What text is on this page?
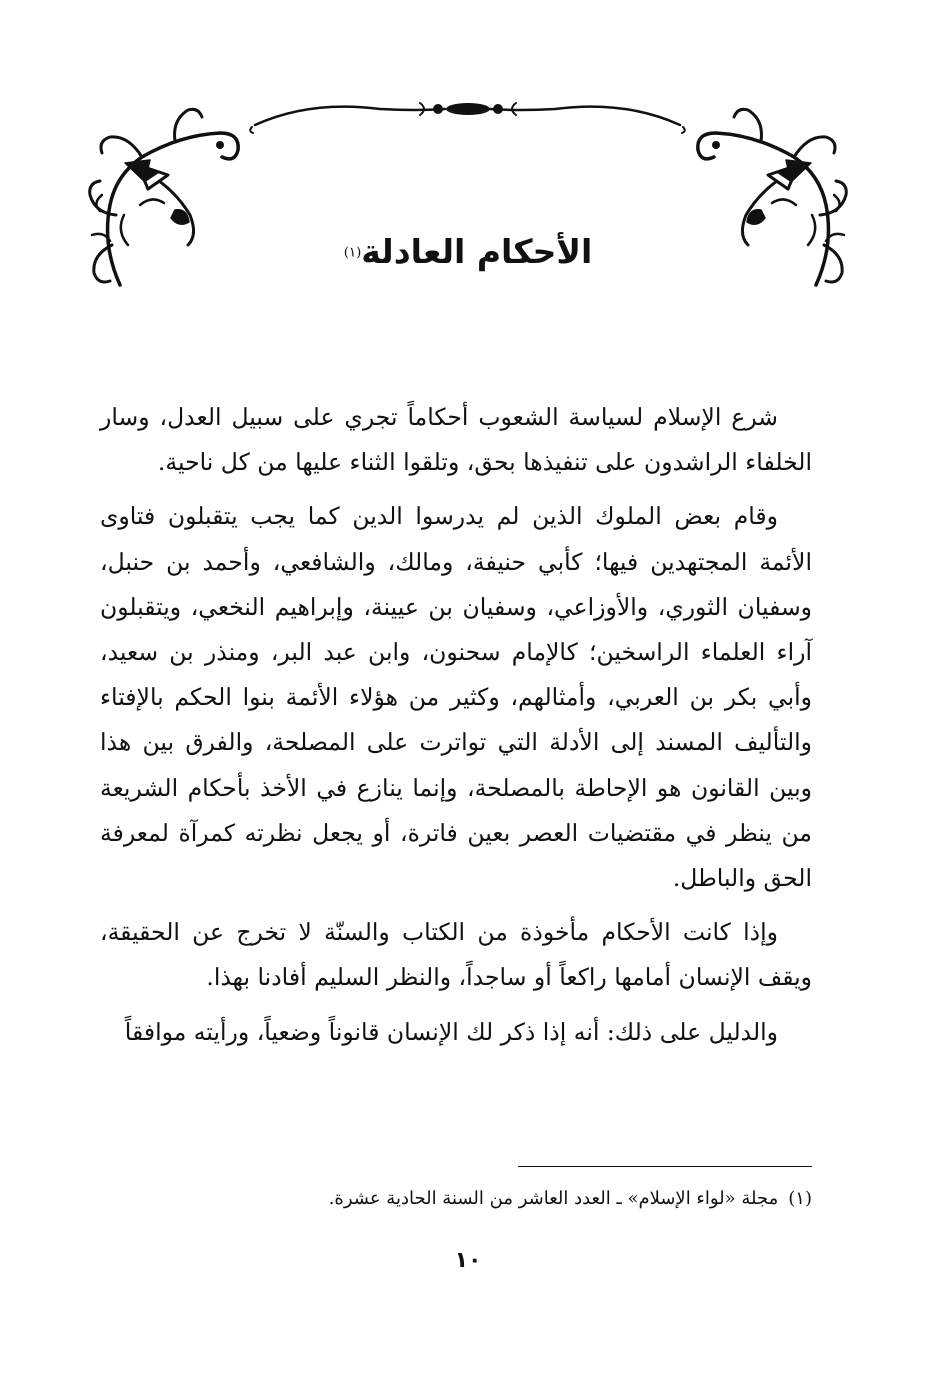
الأحكام العادلة$^{(١)}$

شرع الإسلام لسياسة الشعوب أحكاماً تجري على سبيل العدل، وسار الخلفاء الراشدون على تنفيذها بحق، وتلقوا الثناء عليها من كل ناحية.

وقام بعض الملوك الذين لم يدرسوا الدين كما يجب يتقبلون فتاوى الأئمة المجتهدين فيها؛ كأبي حنيفة، ومالك، والشافعي، وأحمد بن حنبل، وسفيان الثوري، والأوزاعي، وسفيان بن عيينة، وإبراهيم النخعي، ويتقبلون آراء العلماء الراسخين؛ كالإمام سحنون، وابن عبد البر، ومنذر بن سعيد، وأبي بكر بن العربي، وأمثالهم، وكثير من هؤلاء الأئمة بنوا الحكم بالإفتاء والتأليف المسند إلى الأدلة التي تواترت على المصلحة، والفرق بين هذا وبين القانون هو الإحاطة بالمصلحة، وإنما ينازع في الأخذ بأحكام الشريعة من ينظر في مقتضيات العصر بعين فاترة، أو يجعل نظرته كمرآة لمعرفة الحق والباطل.

وإذا كانت الأحكام مأخوذة من الكتاب والسنّة لا تخرج عن الحقيقة، ويقف الإنسان أمامها راكعاً أو ساجداً، والنظر السليم أفادنا بهذا.

والدليل على ذلك: أنه إذا ذكر لك الإنسان قانوناً وضعياً، ورأيته موافقاً

(١)مجلة «لواء الإسلام» ـ العدد العاشر من السنة الحادية عشرة.
١٠
